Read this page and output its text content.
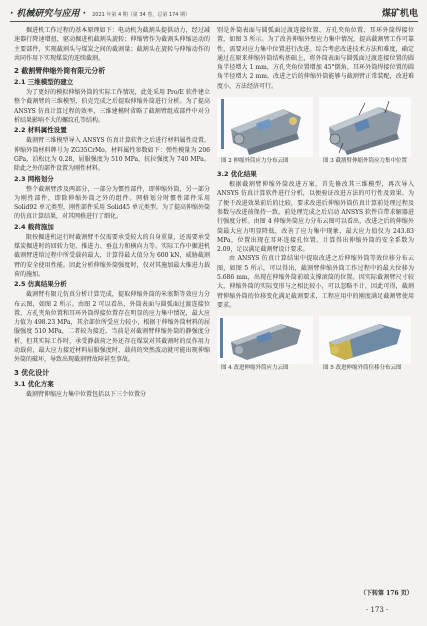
· 机械研究与应用 · 2021 年第 4 期（第 34 卷，总第 174 期）	煤矿机电

掘进机工作过程的基本原理如下：电动机为截割头提供动力，经过减速器行降速增扭，驱动掘进机截割头旋转；伸缩臂作为截割头伸缩运动的主要部件，实现截割头与煤炭之间的截割量；截割头在旋转与伸缩动作的共同作用下实现煤炭的连续截割。

2 截割臂伸缩外筒有限元分析
2.1 三维模型的建立

为了更好的模拟伸缩外筒的实际工作情况，此处采用 Pro/E 软件建立整个截割臂的三维模型，伯克完成之后提取伸缩外筒进行分析。为了提高 ANSYS 仿真计算过程的效率，三维建模时省略了截割臂组成部件中对分析结果影响不大的螺纹孔等结构。

2.2 材料属性设置

截割臂三维模型导入 ANSYS 仿真计算软件之后进行材料属性设置，伸缩外筒材料牌号为 ZG35CrMo，材料属性参数如下：弹性模量为 206 GPa，泊松比为 0.28，屈服强度为 510 MPa，抗拉强度为 740 MPa。除此之外的部件设置为刚性材料。

2.3 网格划分

整个截割臂涉及两部分，一部分为惯性部件，即伸缩外筒，另一部分为刚性部件，即除伸缩外筒之外的组件。网格划分时惯性部件采用 Solid92 单元类型，刚性部件采用 Solid45 单元类型。为了提高伸缩外筒的仿真计算结果，对其网格进行了细化。

2.4 载荷施加

限按掘进机运行时截割臂不仅需要承受较大的自身重量，还需要承受煤炭掘进时的回转力矩、推进力、垂直力和横向力等。实际工作中掘进机截割臂进给过程中所受载荷最大，计算得最大值分为 600 kN，威胁截割臂的安全使用性能。因此分析伸缩外筒强度时，仅对其施加最大推进力载荷的施加。

2.5 仿真结果分析

截割臂有限元仿真分析计算完成，提取伸缩外筒的米塞斯等效应力分布云图，如图 2 所示。由图 2 可以看出，外筒表面与圆弧面过渡连接位置，方孔夹角位置和耳环外筒焊接位置存在明显的应力集中情况，最大应力值为 498.23 MPa，其余部位所受应力较小，根据于伸缩外筒材料的屈服强度 510 MPa，二者较为接近。当前是对截割臂伸缩外筒的静强度分析，但其实际工作时，承受静载荷之外还存在煤炭对其截割时的反作用力动载荷，最大应力接近材料屈服强度时，载荷的突然波动就可能出现伸缩外筒的破坏，导致出现截割臂故障甚至事故。

3 优化设计
3.1 优化方案

截割臂伸缩应力集中位置包括以下三个位置分

别是外筒表面与圆弧面过渡连接位置、方孔夹角位置、耳环外筒焊接位置，如图 3 所示。为了改善伸缩外壁应力集中情况，提高截割臂工作可靠性，需要对应力集中位置进行改进。综合考虑改进技术方法和难度，确定通过在原来伸缩外筒结构基础上，将外筒表面与圆弧面过渡连接位置的圆角半径增大 1 mm，方孔夹角位置增加 45°倒角，耳环外筒焊接位置的圆角半径增大 2 mm。改进之后的伸缩外筒能够与截割臂正常装配，改进难度小，方法经济可行。

图 2 伸缩外筒应力分布云图	图 3 截割臂伸缩外筒应力集中位置
3.2 优化结果

根据截割臂伸缩外筒改进方案，首先修改其三维模型，再次导入 ANSYS 仿真计算软件进行分析，以便验证改进方法的可行性及效果。为了便于改进效果前后的比较，要求改进后伸缩外筒仿真计算前处理过程及参数与改进前保持一致。前处理完成之后启动 ANSYS 软件自带求解器进行强度分析。由图 4 伸缩外筒应力分布云图可以看出，改进之后的伸缩外筒最大应力明显降低，改善了应力集中现象，最大应力值仅为 243.83 MPa，位置出现在耳环连接孔位置。计算得出伸缩外筒的安全系数为 2.09，足以满足截割臂设计要求。

由 ANSYS 仿真计算结果中提取改进之后伸缩外筒等效位移分布云图，如图 5 所示，可以得出，截割臂伸缩外筒工作过程中的最大位移为 5.686 mm，出现在伸缩外筒前端支撑滚筒的位置。因实际截割臂尺寸较大，伸缩外筒的实际变形与之相比较小，可以忽略不计，因此可得，截割臂伸缩外筒的位移变化满足截割要求，工程应用中的刚度满足截割臂使用要求。

图 4 改进伸缩外筒应力云图	图 5 改进伸缩外筒位移分布云图
（下转第 176 页）
· 173 ·
